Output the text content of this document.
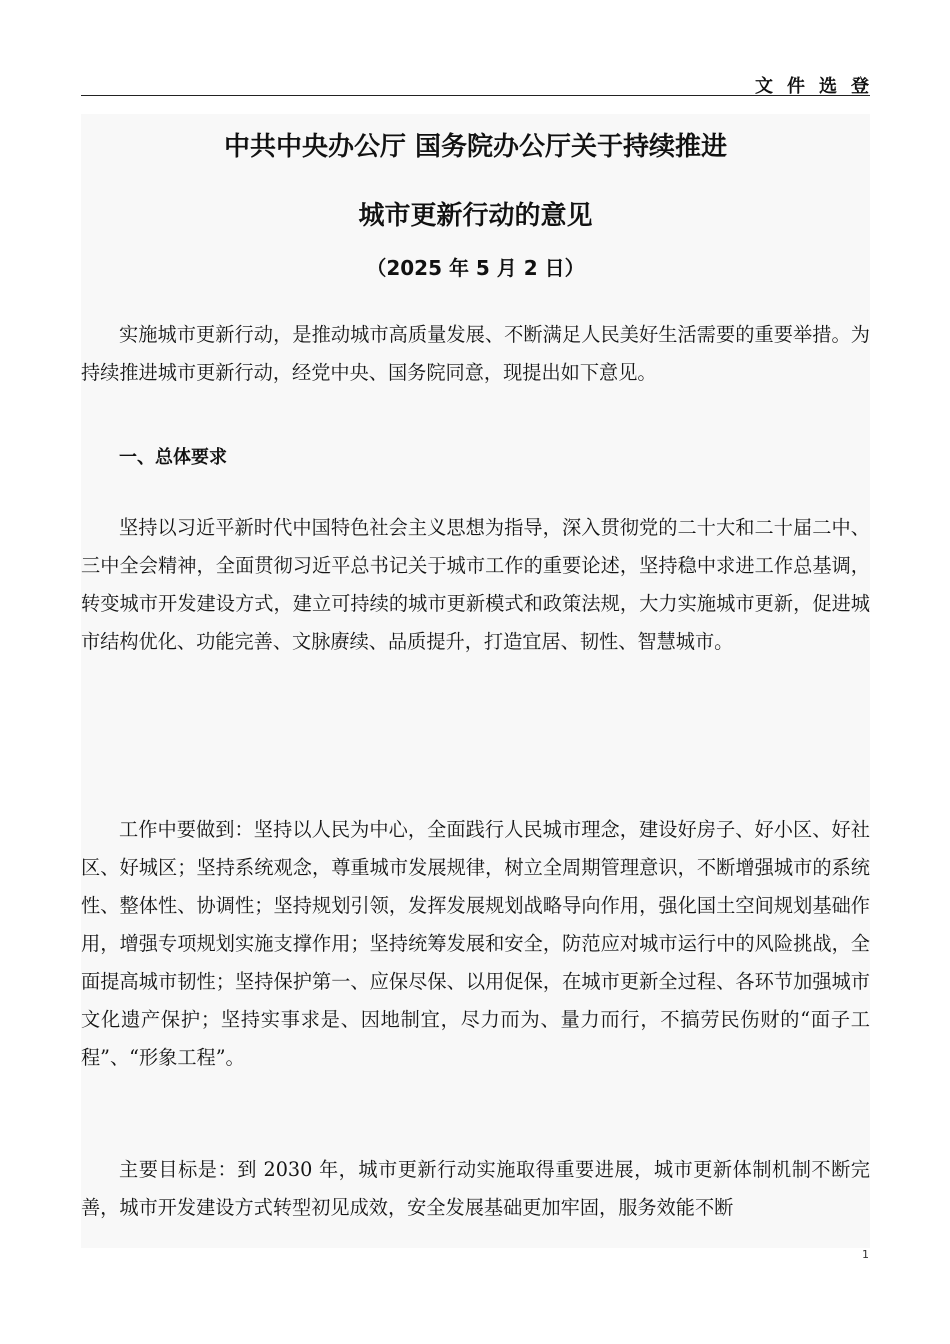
文件选登
中共中央办公厅 国务院办公厅关于持续推进
城市更新行动的意见
（2025 年 5 月 2 日）

实施城市更新行动，是推动城市高质量发展、不断满足人民美好生活需要的重要举措。为持续推进城市更新行动，经党中央、国务院同意，现提出如下意见。

一、总体要求

坚持以习近平新时代中国特色社会主义思想为指导，深入贯彻党的二十大和二十届二中、三中全会精神，全面贯彻习近平总书记关于城市工作的重要论述，坚持稳中求进工作总基调，转变城市开发建设方式，建立可持续的城市更新模式和政策法规，大力实施城市更新，促进城市结构优化、功能完善、文脉赓续、品质提升，打造宜居、韧性、智慧城市。

工作中要做到：坚持以人民为中心，全面践行人民城市理念，建设好房子、好小区、好社区、好城区；坚持系统观念，尊重城市发展规律，树立全周期管理意识，不断增强城市的系统性、整体性、协调性；坚持规划引领，发挥发展规划战略导向作用，强化国土空间规划基础作用，增强专项规划实施支撑作用；坚持统筹发展和安全，防范应对城市运行中的风险挑战，全面提高城市韧性；坚持保护第一、应保尽保、以用促保，在城市更新全过程、各环节加强城市文化遗产保护；坚持实事求是、因地制宜，尽力而为、量力而行，不搞劳民伤财的“面子工程”、“形象工程”。

主要目标是：到 2030 年，城市更新行动实施取得重要进展，城市更新体制机制不断完善，城市开发建设方式转型初见成效，安全发展基础更加牢固，服务效能不断

1
